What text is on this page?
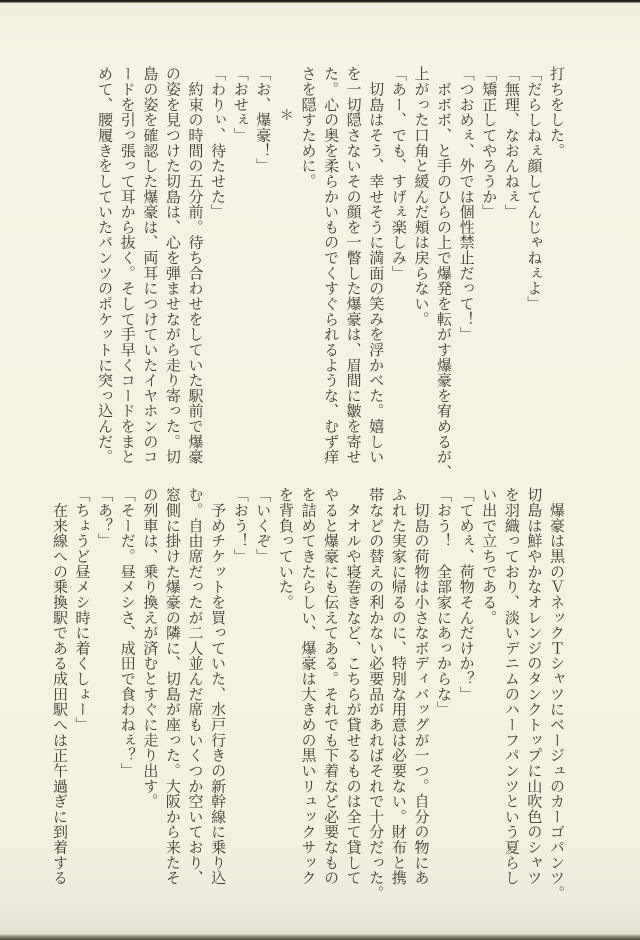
打ちをした。
「だらしねぇ顔してんじゃねぇよ」
「無理、なおんねぇ」
「矯正してやろうか」
「つおめぇ、外では個性禁止だって！」
　ボボボ、と手のひらの上で爆発を転がす爆豪を宥めるが、
上がった口角と緩んだ頬は戻らない。
「あー、でも、すげぇ楽しみ」
　切島はそう、幸せそうに満面の笑みを浮かべた。嬉しい
を一切隠さないその顔を一瞥した爆豪は、眉間に皺を寄せ
た。心の奥を柔らかいものでくすぐられるような、むず痒
さを隠すために。
＊
「お、爆豪！」
「おせぇ」
「わりぃ、待たせた」
　約束の時間の五分前。待ち合わせをしていた駅前で爆豪
の姿を見つけた切島は、心を弾ませながら走り寄った。切
島の姿を確認した爆豪は、両耳につけていたイヤホンのコ
ードを引っ張って耳から抜く。そして手早くコードをまと
めて、腰履きをしていたパンツのポケットに突っ込んだ。
　爆豪は黒のＶネックＴシャツにベージュのカーゴパンツ。
切島は鮮やかなオレンジのタンクトップに山吹色のシャツ
を羽織っており、淡いデニムのハーフパンツという夏らし
い出で立ちである。
「てめぇ、荷物そんだけか？」
「おう！　全部家にあっからな」
　切島の荷物は小さなボディバッグが一つ。自分の物にあ
ふれた実家に帰るのに、特別な用意は必要ない。財布と携
帯などの替えの利かない必要品があればそれで十分だった。
　タオルや寝巻きなど、こちらが貸せるものは全て貸して
やると爆豪にも伝えてある。それでも下着など必要なもの
を詰めてきたらしい、爆豪は大きめの黒いリュックサック
を背負っていた。
「いくぞ」
「おう！」
　予めチケットを買っていた、水戸行きの新幹線に乗り込
む。自由席だったが二人並んだ席もいくつか空いており、
窓側に掛けた爆豪の隣に、切島が座った。大阪から来たそ
の列車は、乗り換えが済むとすぐに走り出す。
「そーだ。昼メシさ、成田で食わねぇ？」
「あ？」
「ちょうど昼メシ時に着くしょー」
　在来線への乗換駅である成田駅へは正午過ぎに到着する
